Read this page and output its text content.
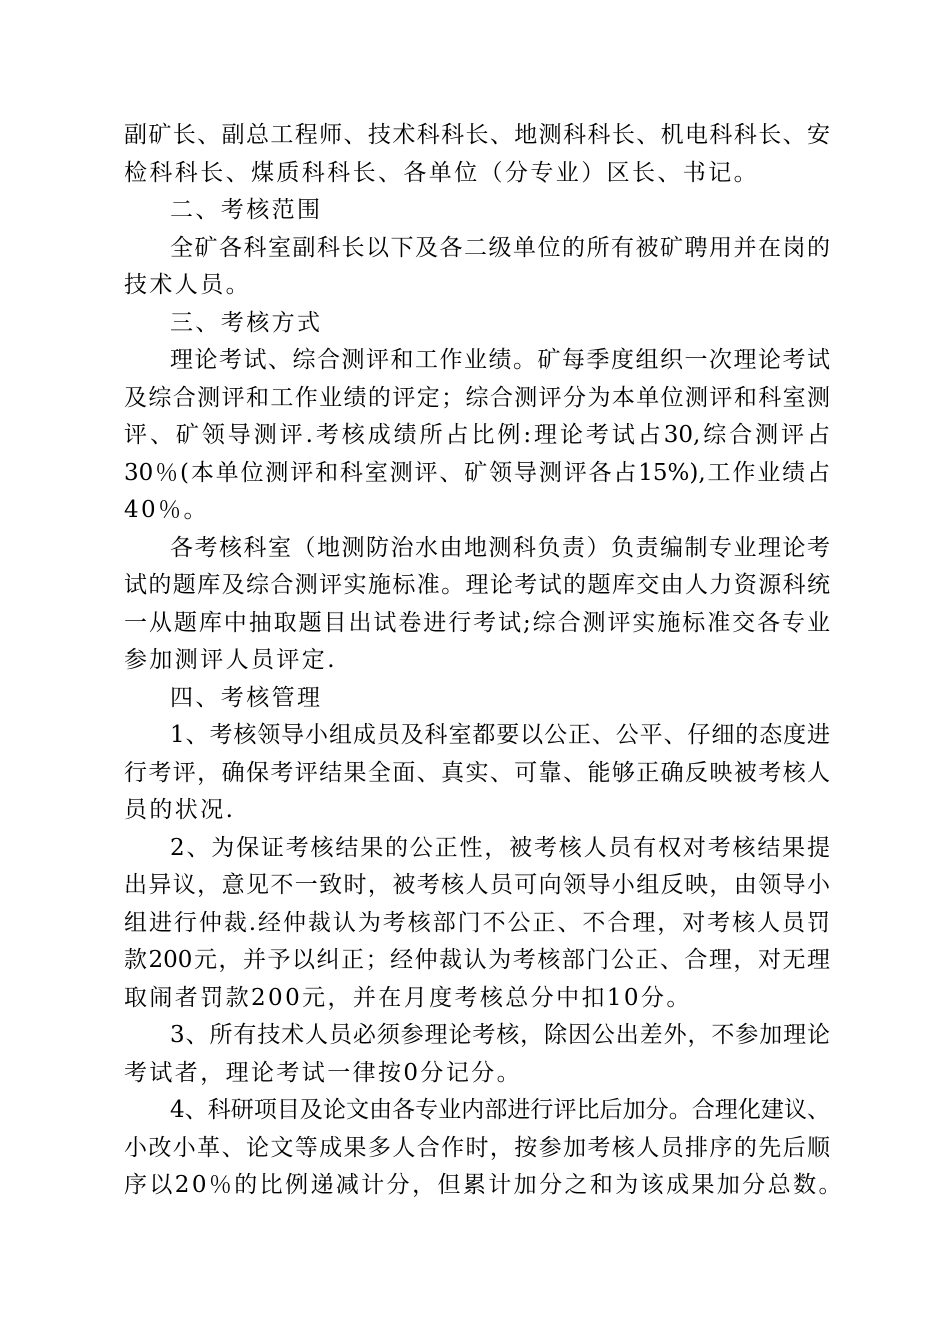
副矿长、副总工程师、技术科科长、地测科科长、机电科科长、安
检科科长、煤质科科长、各单位（分专业）区长、书记。
二、考核范围
全矿各科室副科长以下及各二级单位的所有被矿聘用并在岗的
技术人员。
三、考核方式
理论考试、综合测评和工作业绩。矿每季度组织一次理论考试
及综合测评和工作业绩的评定；综合测评分为本单位测评和科室测
评、矿领导测评.考核成绩所占比例:理论考试占30,综合测评占
30％(本单位测评和科室测评、矿领导测评各占15%),工作业绩占
40％。
各考核科室（地测防治水由地测科负责）负责编制专业理论考
试的题库及综合测评实施标准。理论考试的题库交由人力资源科统
一从题库中抽取题目出试卷进行考试;综合测评实施标准交各专业
参加测评人员评定.
四、考核管理
1、考核领导小组成员及科室都要以公正、公平、仔细的态度进
行考评，确保考评结果全面、真实、可靠、能够正确反映被考核人
员的状况.
2、为保证考核结果的公正性，被考核人员有权对考核结果提
出异议，意见不一致时，被考核人员可向领导小组反映，由领导小
组进行仲裁.经仲裁认为考核部门不公正、不合理，对考核人员罚
款200元，并予以纠正；经仲裁认为考核部门公正、合理，对无理
取闹者罚款200元，并在月度考核总分中扣10分。
3、所有技术人员必须参理论考核，除因公出差外，不参加理论
考试者，理论考试一律按0分记分。
4、科研项目及论文由各专业内部进行评比后加分。合理化建议、
小改小革、论文等成果多人合作时，按参加考核人员排序的先后顺
序以20％的比例递减计分，但累计加分之和为该成果加分总数。
